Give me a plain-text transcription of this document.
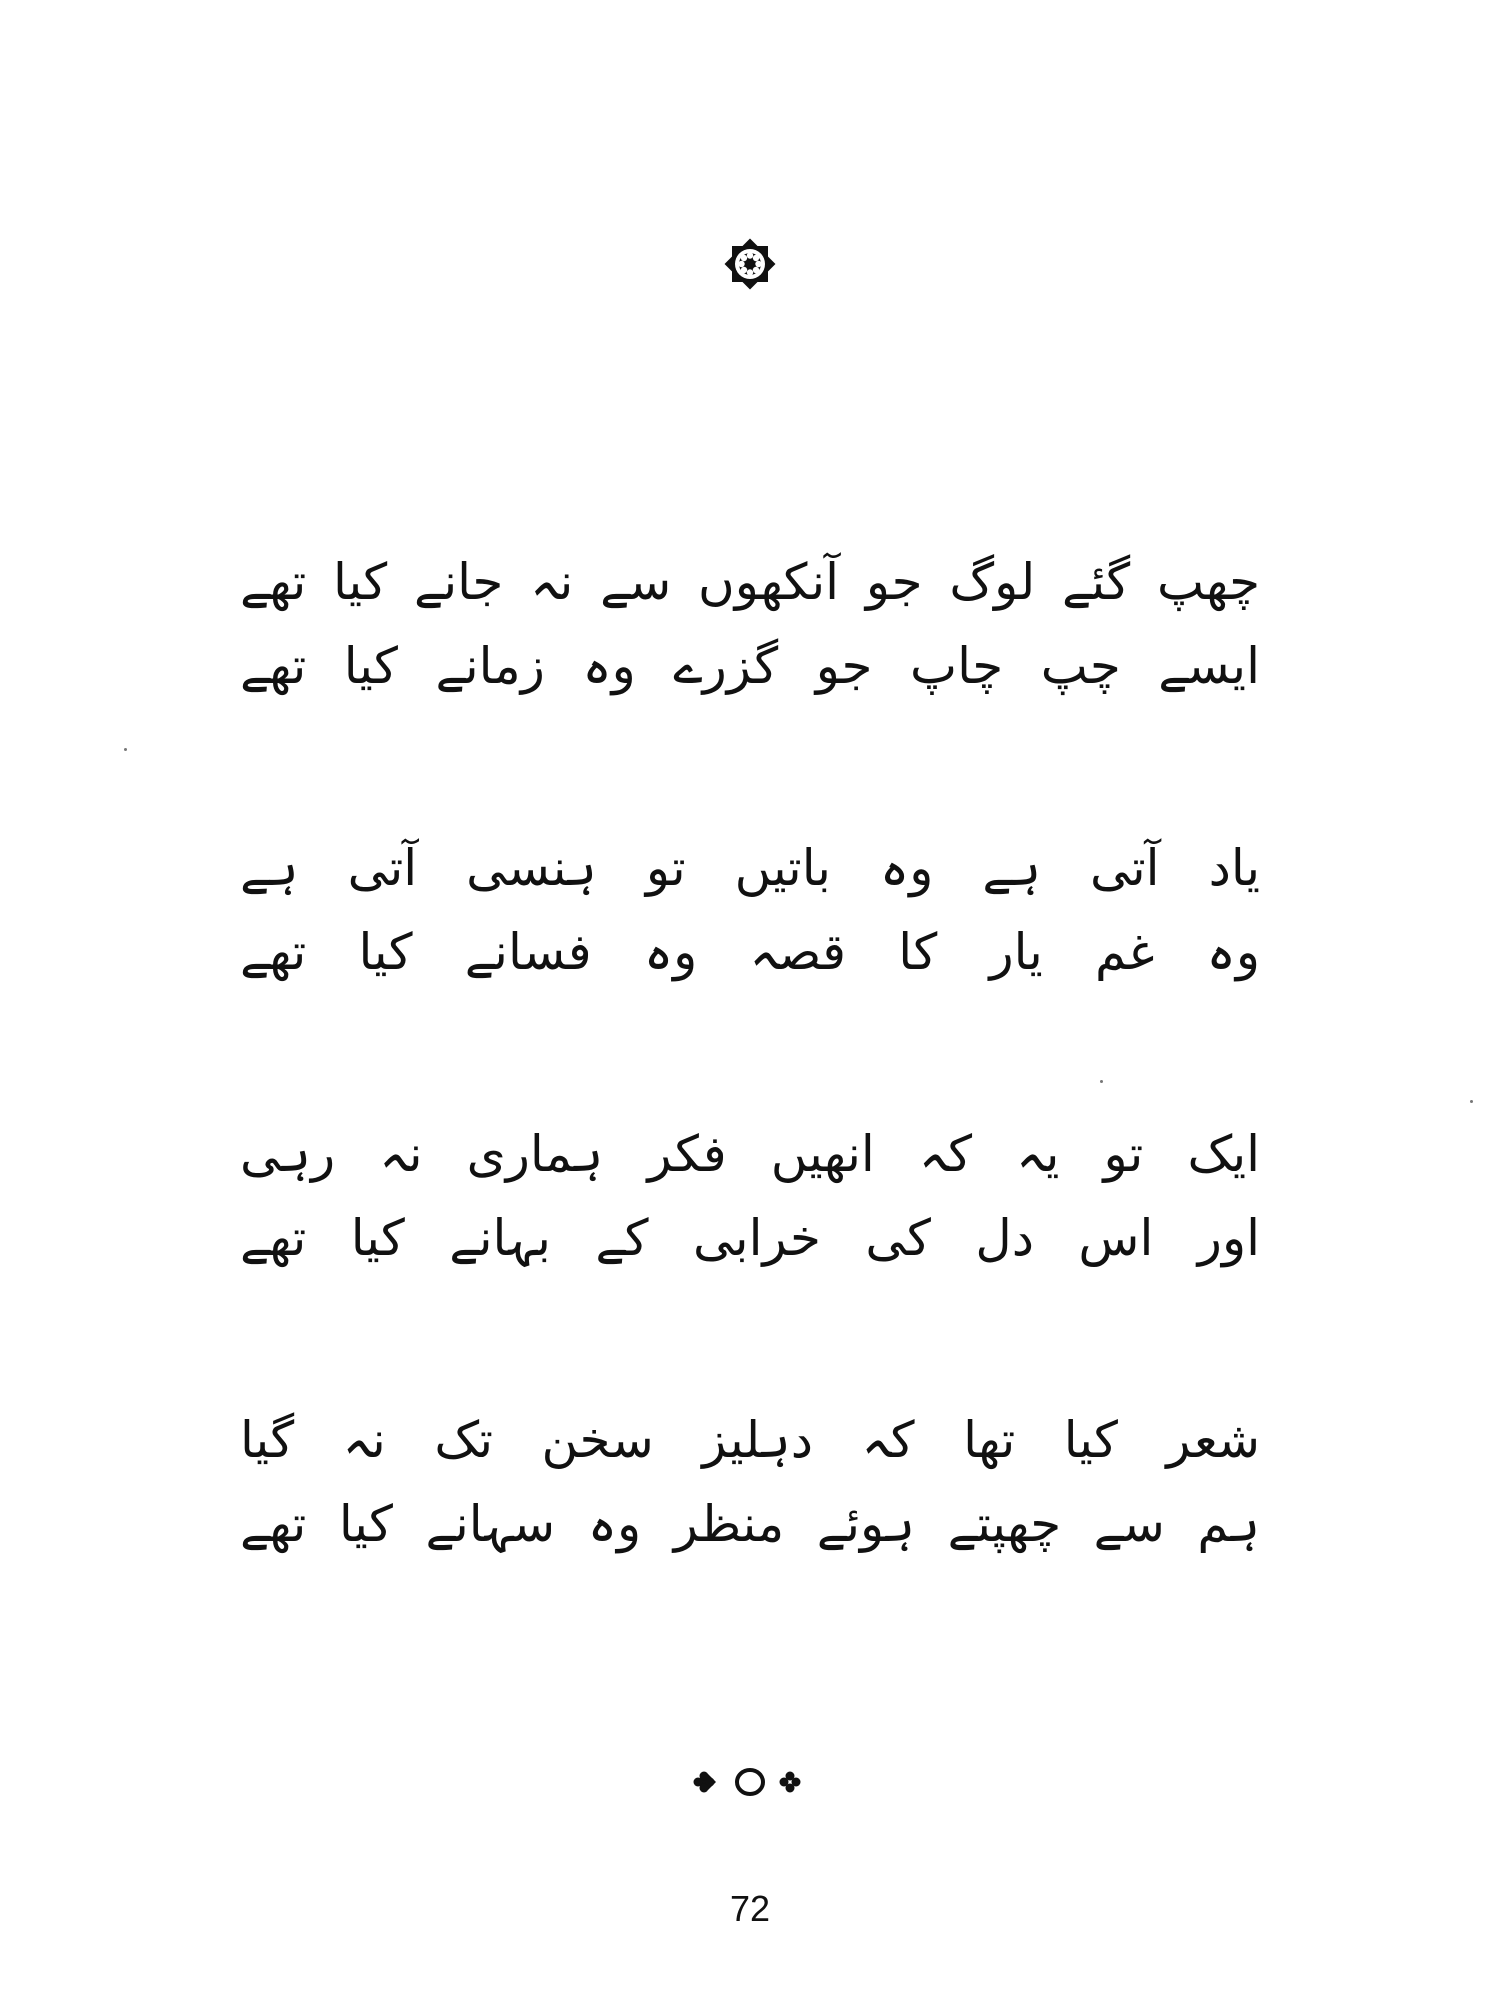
چھپ گئے لوگ جو آنکھوں سے نہ جانے کیا تھے
ایسے چپ چاپ جو گزرے وہ زمانے کیا تھے
یاد آتی ہے وہ باتیں تو ہنسی آتی ہے
وہ غم یار کا قصہ وہ فسانے کیا تھے
ایک تو یہ کہ انھیں فکر ہماری نہ رہی
اور اس دل کی خرابی کے بہانے کیا تھے
شعر کیا تھا کہ دہلیز سخن تک نہ گیا
ہم سے چھپتے ہوئے منظر وہ سہانے کیا تھے
72
